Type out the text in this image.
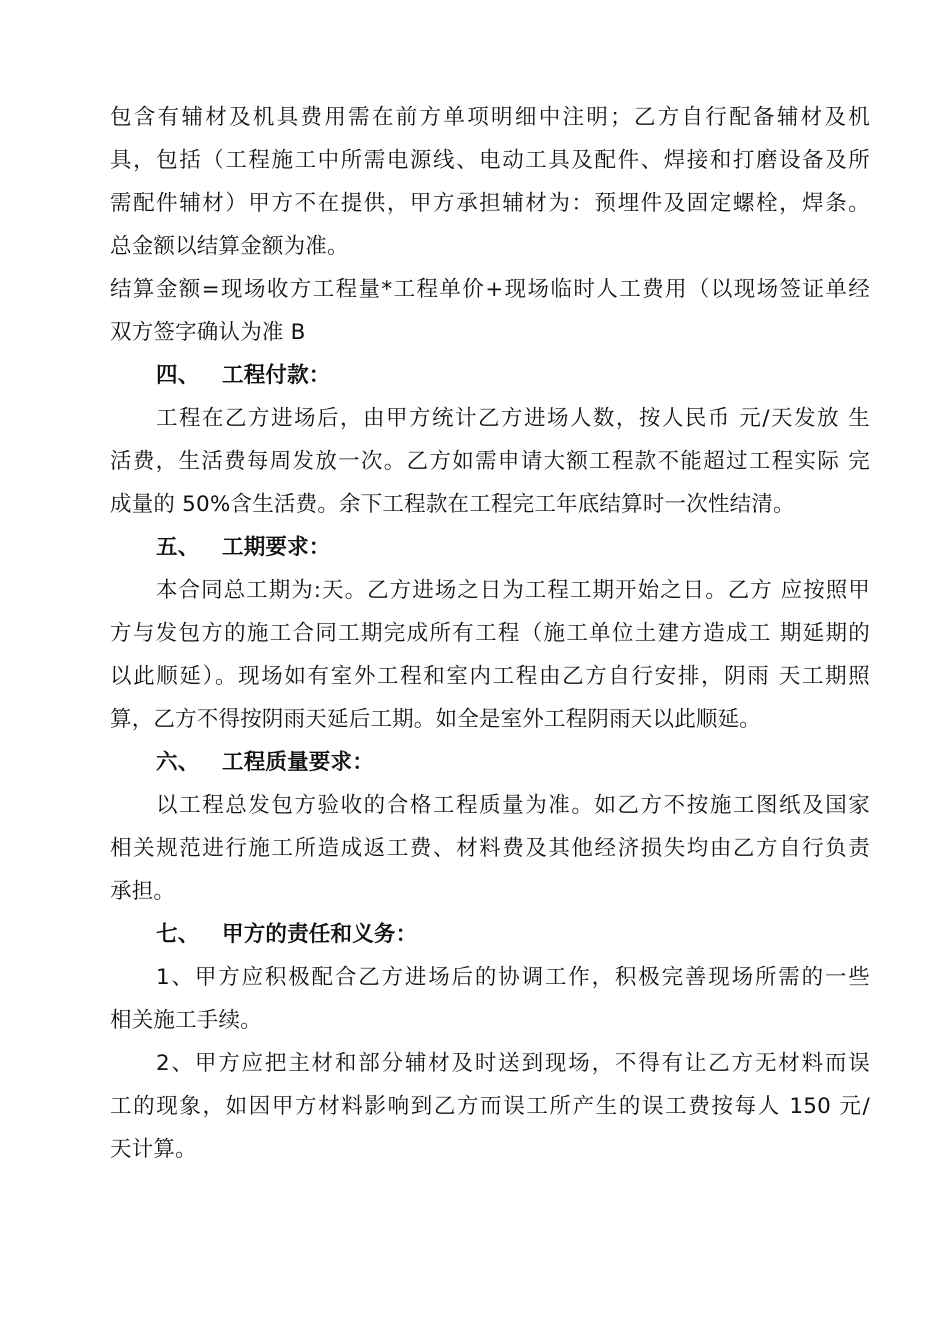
包含有辅材及机具费用需在前方单项明细中注明；乙方自行配备辅材及机
具，包括（工程施工中所需电源线、电动工具及配件、焊接和打磨设备及所
需配件辅材）甲方不在提供，甲方承担辅材为：预埋件及固定螺栓，焊条。
总金额以结算金额为准。
结算金额=现场收方工程量*工程单价+现场临时人工费用（以现场签证单经
双方签字确认为准 B
四、 工程付款：
工程在乙方进场后，由甲方统计乙方进场人数，按人民币 元/天发放 生
活费，生活费每周发放一次。乙方如需申请大额工程款不能超过工程实际 完
成量的 50%含生活费。余下工程款在工程完工年底结算时一次性结清。
五、 工期要求：
本合同总工期为:天。乙方进场之日为工程工期开始之日。乙方 应按照甲
方与发包方的施工合同工期完成所有工程（施工单位土建方造成工 期延期的
以此顺延）。现场如有室外工程和室内工程由乙方自行安排，阴雨 天工期照
算，乙方不得按阴雨天延后工期。如全是室外工程阴雨天以此顺延。
六、 工程质量要求：
以工程总发包方验收的合格工程质量为准。如乙方不按施工图纸及国家
相关规范进行施工所造成返工费、材料费及其他经济损失均由乙方自行负责
承担。
七、 甲方的责任和义务：
1、甲方应积极配合乙方进场后的协调工作，积极完善现场所需的一些
相关施工手续。
2、甲方应把主材和部分辅材及时送到现场，不得有让乙方无材料而误
工的现象，如因甲方材料影响到乙方而误工所产生的误工费按每人 150 元/
天计算。
